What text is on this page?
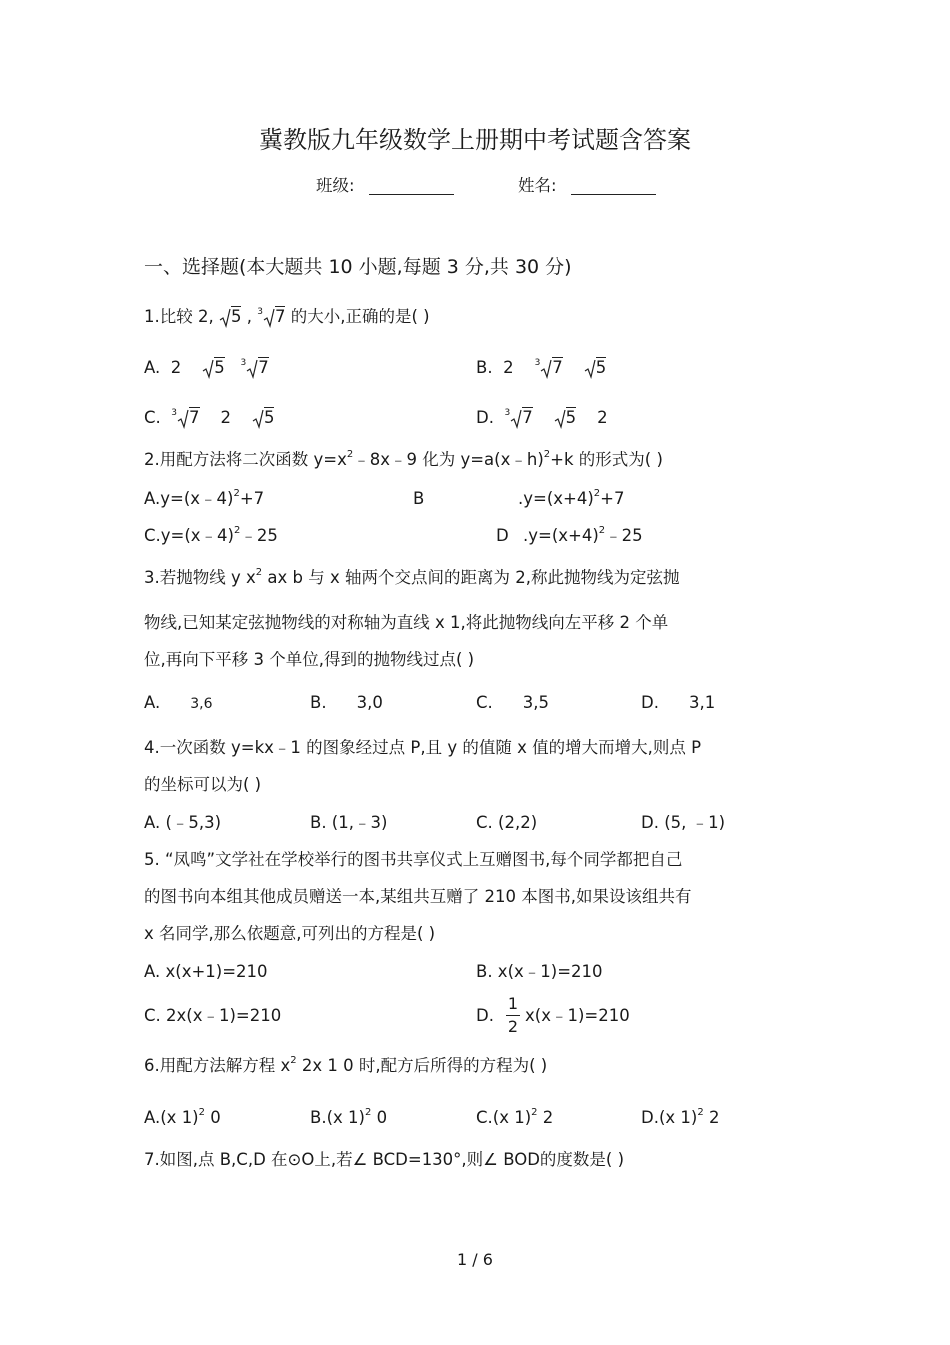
冀教版九年级数学上册期中考试题含答案
班级:	姓名:
一、选择题(本大题共 10 小题,每题 3 分,共 30 分)
1.比较 2, 5 , $^3$ 7 的大小,正确的是( )
A. 2 5 $^3$ 7	B. 2 $^3$ 7 5
C. $^3$ 7 2 5	D. $^3$ 7 5 2
2.用配方法将二次函数 $y=x^2﹣8x﹣9$ 化为 y=a(x﹣h)$^2$+k 的形式为( )
A.y=(x﹣4)$^2$+7	B	$.y=(x+4)^2+7$
C.y=(x﹣4)$^2$﹣25	D $.y=(x+4)^2﹣25$
3.若抛物线 y $x^2$ ax b 与 x 轴两个交点间的距离为 2,称此抛物线为定弦抛
物线,已知某定弦抛物线的对称轴为直线 x 1,将此抛物线向左平移 2 个单
位,再向下平移 3 个单位,得到的抛物线过点( )
A. 3,6	B. 3,0	C. 3,5	D. 3,1
4.一次函数 y=kx﹣1 的图象经过点 P,且 y 的值随 x 值的增大而增大,则点 P
的坐标可以为( )
A. (﹣5,3)	B. (1,﹣3)	C. (2,2)	D. (5, ﹣1)
5. “凤鸣”文学社在学校举行的图书共享仪式上互赠图书,每个同学都把自己
的图书向本组其他成员赠送一本,某组共互赠了 210 本图书,如果设该组共有
x 名同学,那么依题意,可列出的方程是( )
A. x(x+1)=210	B. x(x﹣1)=210
C. 2x(x﹣1)=210	D.
1
2
x(x﹣1)=210
6.用配方法解方程 $x^2$ 2x 1 0 时,配方后所得的方程为( )
A.(x 1)$^2$ 0	B.(x 1)$^2$ 0	C.(x 1)$^2$ 2	D.(x 1)$^2$ 2
7.如图,点 B,C,D 在⊙O上,若∠ BCD=130°,则∠ BOD的度数是( )
1 / 6
